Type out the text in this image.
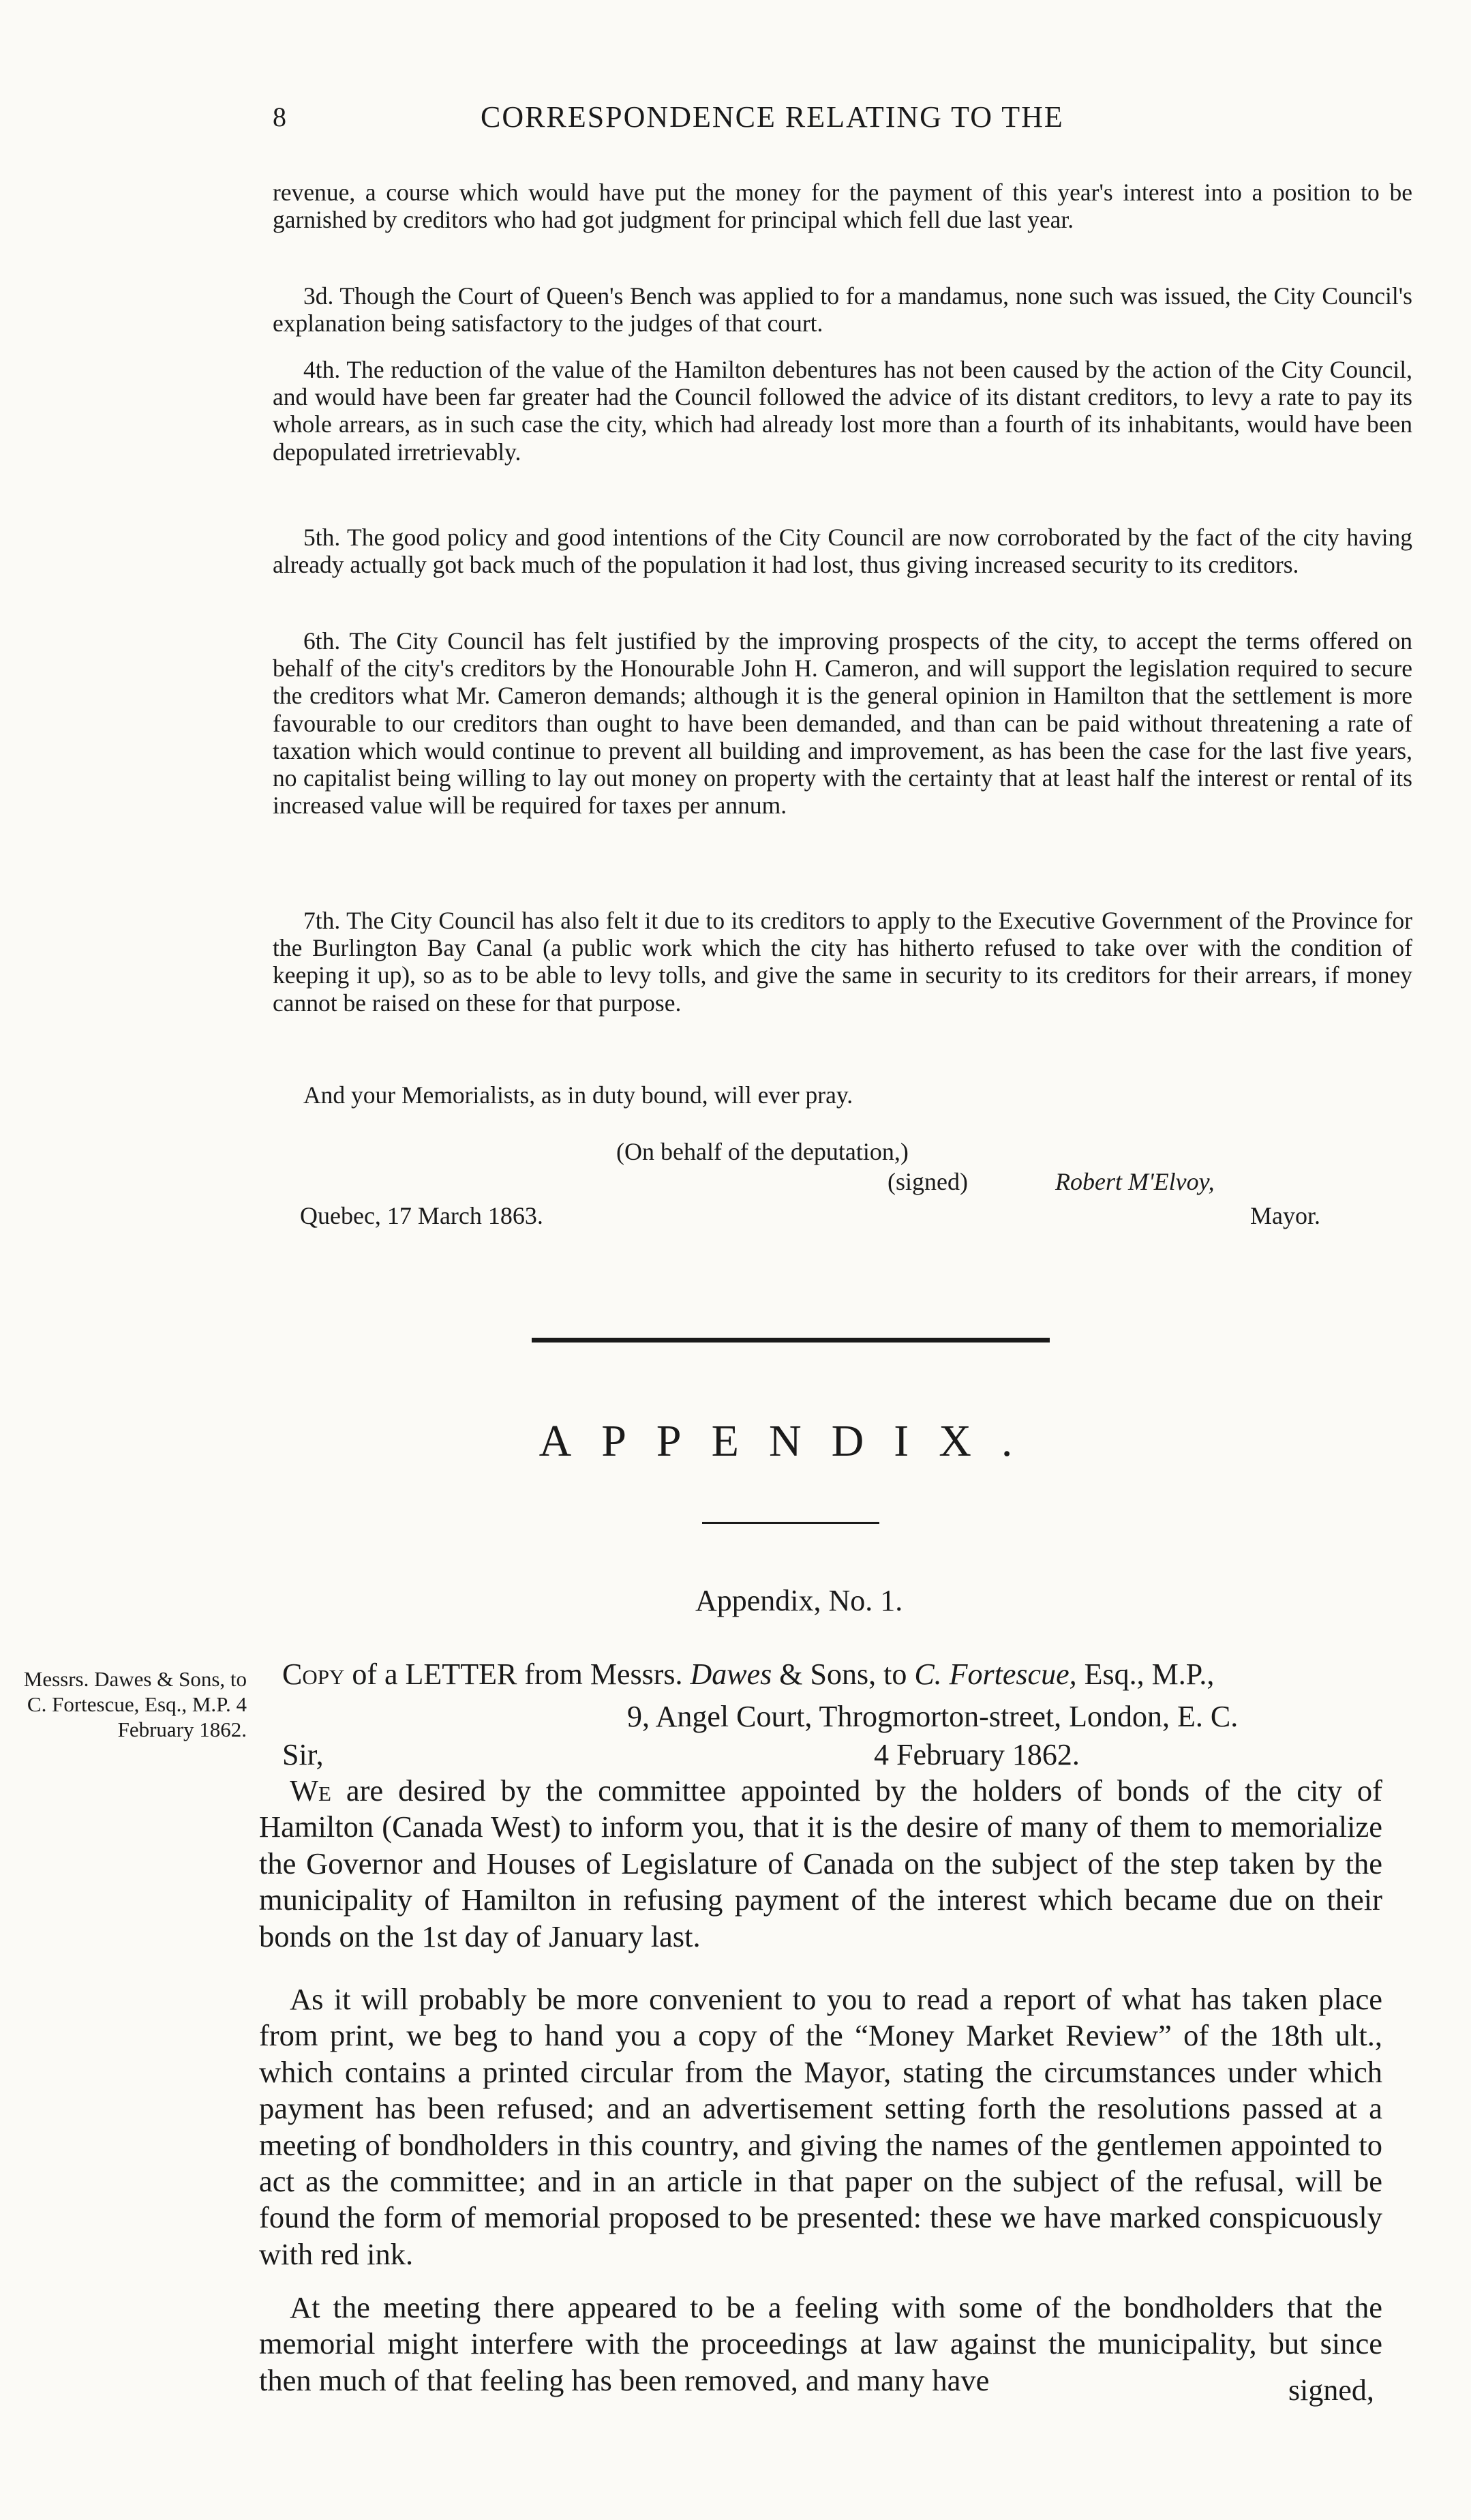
8	CORRESPONDENCE RELATING TO THE
revenue, a course which would have put the money for the payment of this year's interest into a position to be garnished by creditors who had got judgment for principal which fell due last year.

3d. Though the Court of Queen's Bench was applied to for a mandamus, none such was issued, the City Council's explanation being satisfactory to the judges of that court.

4th. The reduction of the value of the Hamilton debentures has not been caused by the action of the City Council, and would have been far greater had the Council followed the advice of its distant creditors, to levy a rate to pay its whole arrears, as in such case the city, which had already lost more than a fourth of its inhabitants, would have been depopulated irretrievably.

5th. The good policy and good intentions of the City Council are now corroborated by the fact of the city having already actually got back much of the population it had lost, thus giving increased security to its creditors.

6th. The City Council has felt justified by the improving prospects of the city, to accept the terms offered on behalf of the city's creditors by the Honourable John H. Cameron, and will support the legislation required to secure the creditors what Mr. Cameron demands; although it is the general opinion in Hamilton that the settlement is more favourable to our creditors than ought to have been demanded, and than can be paid without threatening a rate of taxation which would continue to prevent all building and improvement, as has been the case for the last five years, no capitalist being willing to lay out money on property with the certainty that at least half the interest or rental of its increased value will be required for taxes per annum.

7th. The City Council has also felt it due to its creditors to apply to the Executive Government of the Province for the Burlington Bay Canal (a public work which the city has hitherto refused to take over with the condition of keeping it up), so as to be able to levy tolls, and give the same in security to its creditors for their arrears, if money cannot be raised on these for that purpose.

And your Memorialists, as in duty bound, will ever pray.

(On behalf of the deputation,)
(signed)	Robert M'Elvoy,
Mayor.
Quebec, 17 March 1863.
APPENDIX.
Appendix, No. 1.
Messrs. Dawes & Sons, to C. Fortescue, Esq., M.P. 4 February 1862.
Copy of a LETTER from Messrs. Dawes & Sons, to C. Fortescue, Esq., M.P.,
9, Angel Court, Throgmorton-street, London, E. C.
Sir,	4 February 1862.

We are desired by the committee appointed by the holders of bonds of the city of Hamilton (Canada West) to inform you, that it is the desire of many of them to memorialize the Governor and Houses of Legislature of Canada on the subject of the step taken by the municipality of Hamilton in refusing payment of the interest which became due on their bonds on the 1st day of January last.

As it will probably be more convenient to you to read a report of what has taken place from print, we beg to hand you a copy of the “Money Market Review” of the 18th ult., which contains a printed circular from the Mayor, stating the circumstances under which payment has been refused; and an advertisement setting forth the resolutions passed at a meeting of bondholders in this country, and giving the names of the gentlemen appointed to act as the committee; and in an article in that paper on the subject of the refusal, will be found the form of memorial proposed to be presented: these we have marked conspicuously with red ink.

At the meeting there appeared to be a feeling with some of the bondholders that the memorial might interfere with the proceedings at law against the municipality, but since then much of that feeling has been removed, and many have	signed,
